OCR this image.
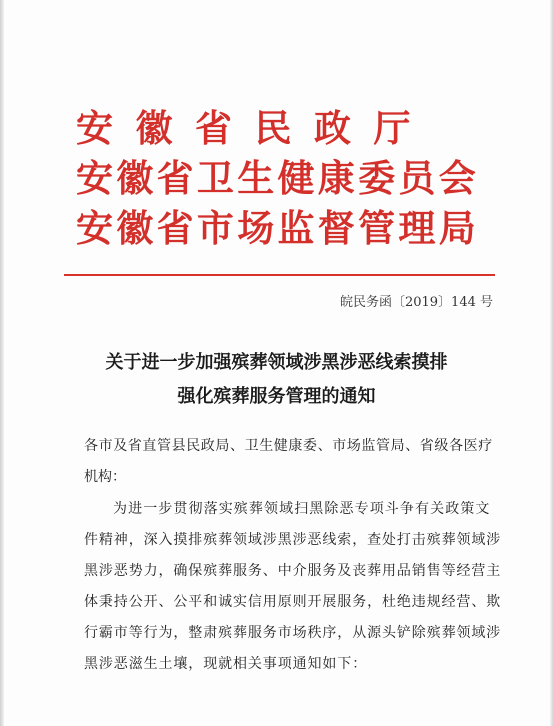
安徽省民政厅
安徽省卫生健康委员会
安徽省市场监督管理局
皖民务函〔2019〕144 号
关于进一步加强殡葬领域涉黑涉恶线索摸排
强化殡葬服务管理的通知
各市及省直管县民政局、卫生健康委、市场监管局、省级各医疗
机构：
为进一步贯彻落实殡葬领域扫黑除恶专项斗争有关政策文
件精神，深入摸排殡葬领域涉黑涉恶线索，查处打击殡葬领域涉
黑涉恶势力，确保殡葬服务、中介服务及丧葬用品销售等经营主
体秉持公开、公平和诚实信用原则开展服务，杜绝违规经营、欺
行霸市等行为，整肃殡葬服务市场秩序，从源头铲除殡葬领域涉
黑涉恶滋生土壤，现就相关事项通知如下：
